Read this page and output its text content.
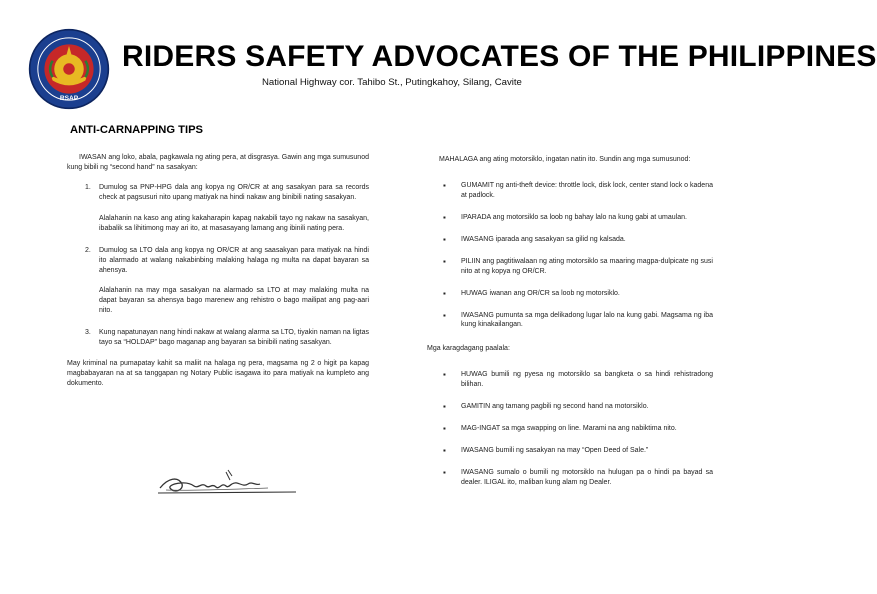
RSAP
RIDERS SAFETY ADVOCATES OF THE PHILIPPINES
National Highway cor. Tahibo St., Putingkahoy, Silang, Cavite
ANTI-CARNAPPING TIPS

IWASAN ang loko, abala, pagkawala ng ating pera, at disgrasya. Gawin ang mga sumusunod kung bibili ng “second hand” na sasakyan:

1. Dumulog sa PNP-HPG dala ang kopya ng OR/CR at ang sasakyan para sa records check at pagsusuri nito upang matiyak na hindi nakaw ang binibili nating sasakyan.

Alalahanin na kaso ang ating kakaharapin kapag nakabili tayo ng nakaw na sasakyan, ibabalik sa lihitimong may ari ito, at masasayang lamang ang ibinili nating pera.

2. Dumulog sa LTO dala ang kopya ng OR/CR at ang saasakyan para matiyak na hindi ito alarmado at walang nakabinbing malaking halaga ng multa na dapat bayaran sa ahensya.

Alalahanin na may mga sasakyan na alarmado sa LTO at may malaking multa na dapat bayaran sa ahensya bago marenew ang rehistro o bago mailipat ang pag-aari nito.

3. Kung napatunayan nang hindi nakaw at walang alarma sa LTO, tiyakin naman na ligtas tayo sa “HOLDAP” bago maganap ang bayaran sa binibili nating sasakyan.

May kriminal na pumapatay kahit sa maliit na halaga ng pera, magsama ng 2 o higit pa kapag magbabayaran na at sa tanggapan ng Notary Public isagawa ito para matiyak na kumpleto ang dokumento.

MAHALAGA ang ating motorsiklo, ingatan natin ito. Sundin ang mga sumusunod:

▪ GUMAMIT ng anti-theft device: throttle lock, disk lock, center stand lock o kadena at padlock.

▪ IPARADA ang motorsiklo sa loob ng bahay lalo na kung gabi at umaulan.

▪ IWASANG iparada ang sasakyan sa gilid ng kalsada.

▪ PILIIN ang pagtitiwalaan ng ating motorsiklo sa maaring magpa-dulpicate ng susi nito at ng kopya ng OR/CR.

▪ HUWAG iwanan ang OR/CR sa loob ng motorsiklo.

▪ IWASANG pumunta sa mga delikadong lugar lalo na kung gabi. Magsama ng iba kung kinakailangan.

Mga karagdagang paalala:

▪ HUWAG bumili ng pyesa ng motorsiklo sa bangketa o sa hindi rehistradong bilihan.

▪ GAMITIN ang tamang pagbili ng second hand na motorsiklo.

▪ MAG-INGAT sa mga swapping on line. Marami na ang nabiktima nito.

▪ IWASANG bumili ng sasakyan na may “Open Deed of Sale.”

▪ IWASANG sumalo o bumili ng motorsiklo na hulugan pa o hindi pa bayad sa dealer. ILIGAL ito, maliban kung alam ng Dealer.
